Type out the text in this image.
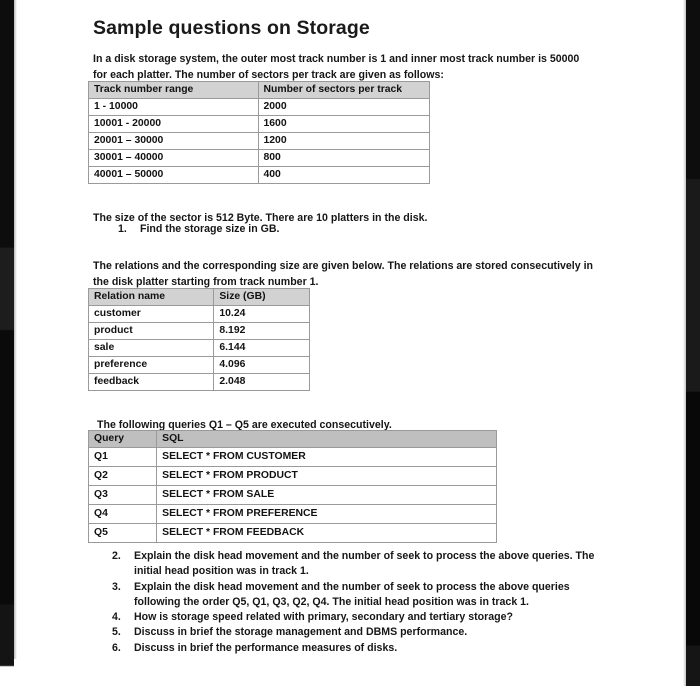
Sample questions on Storage

In a disk storage system, the outer most track number is 1 and inner most track number is 50000 for each platter. The number of sectors per track are given as follows:

Track number range	Number of sectors per track
1 - 10000	2000
10001 - 20000	1600
20001 – 30000	1200
30001 – 40000	800
40001 – 50000	400

The size of the sector is 512 Byte. There are 10 platters in the disk.

1.	Find the storage size in GB.

The relations and the corresponding size are given below. The relations are stored consecutively in the disk platter starting from track number 1.

Relation name	Size (GB)
customer	10.24
product	8.192
sale	6.144
preference	4.096
feedback	2.048

The following queries Q1 – Q5 are executed consecutively.

Query	SQL
Q1	SELECT * FROM CUSTOMER
Q2	SELECT * FROM PRODUCT
Q3	SELECT * FROM SALE
Q4	SELECT * FROM PREFERENCE
Q5	SELECT * FROM FEEDBACK
2.	Explain the disk head movement and the number of seek to process the above queries. The initial head position was in track 1.
3.	Explain the disk head movement and the number of seek to process the above queries following the order Q5, Q1, Q3, Q2, Q4. The initial head position was in track 1.
4.	How is storage speed related with primary, secondary and tertiary storage?
5.	Discuss in brief the storage management and DBMS performance.
6.	Discuss in brief the performance measures of disks.
